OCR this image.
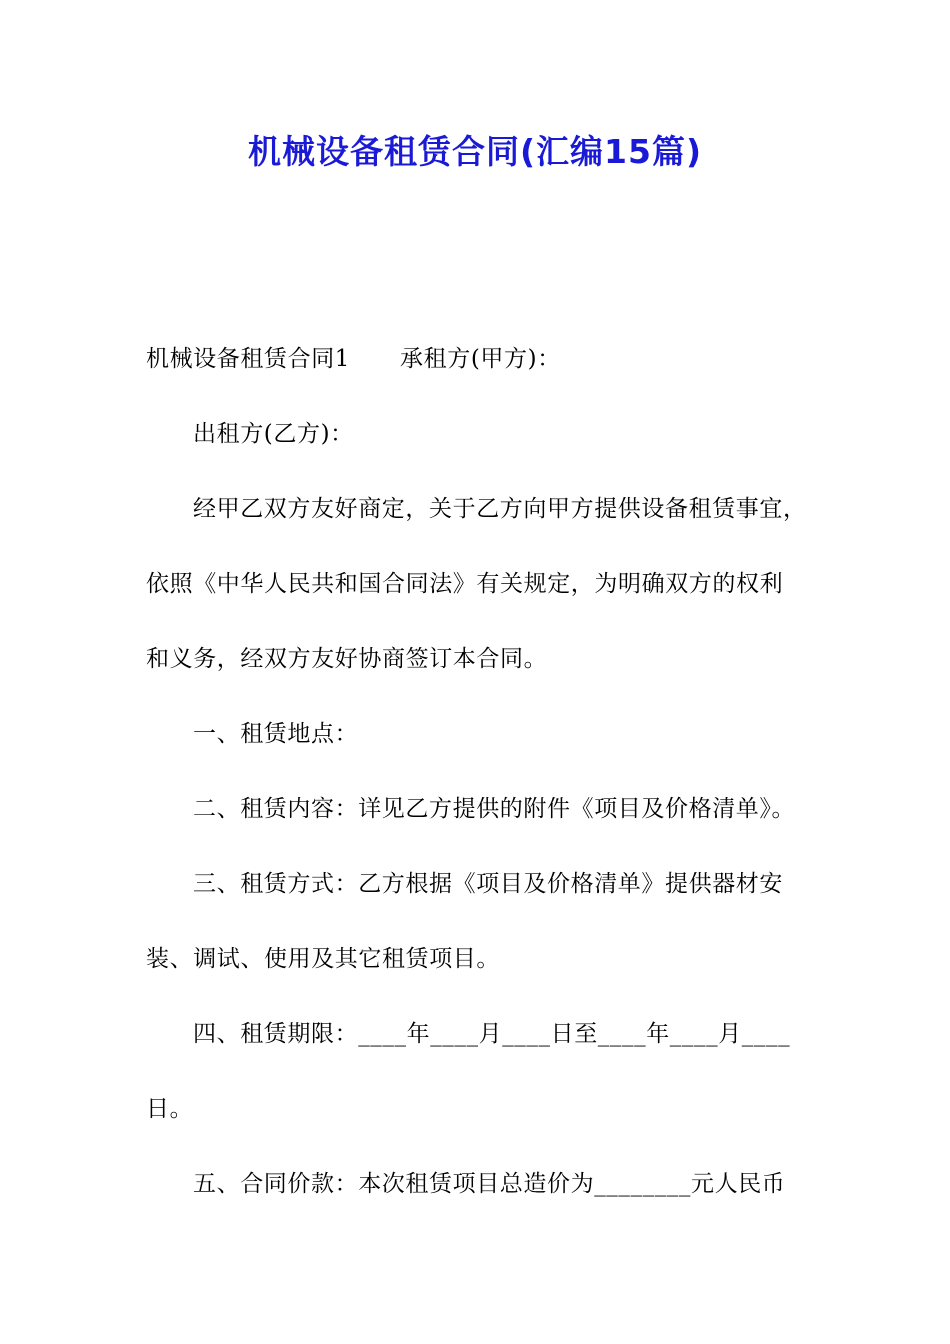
机械设备租赁合同(汇编15篇)
机械设备租赁合同1 承租方(甲方)：
出租方(乙方)：
经甲乙双方友好商定，关于乙方向甲方提供设备租赁事宜，
依照《中华人民共和国合同法》有关规定，为明确双方的权利
和义务，经双方友好协商签订本合同。
一、租赁地点：
二、租赁内容：详见乙方提供的附件《项目及价格清单》。
三、租赁方式：乙方根据《项目及价格清单》提供器材安
装、调试、使用及其它租赁项目。
四、租赁期限：____年____月____日至____年____月____
日。
五、合同价款：本次租赁项目总造价为________元人民币
